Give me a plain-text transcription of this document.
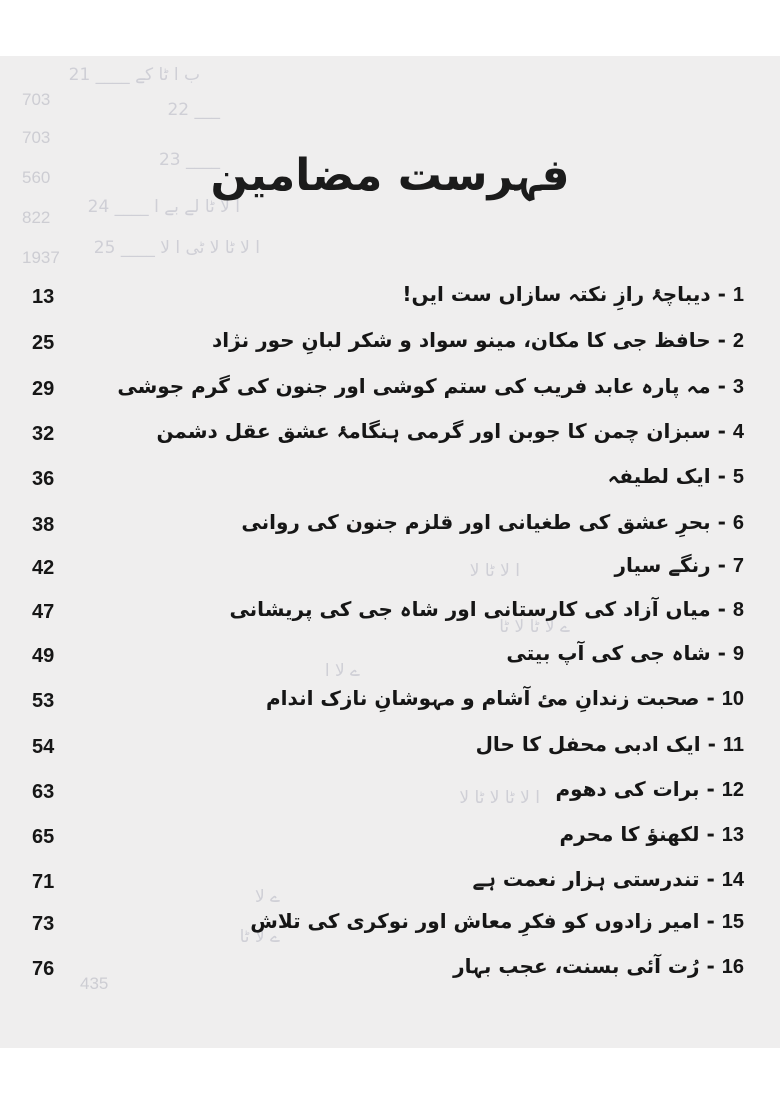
703
703
560
822
1937
ب ا ٹا کے ____ 21
___ 22
____ 23
ا لا ٹا لے بے ا ____ 24
ا لا ٹا لا ٹی ا لا ____ 25
ا لا ٹا لا
ے لا ٹا لا ٹا
ے لا ا
ا لا ٹا لا ٹا لا
ے لا
ے لا ٹا
435
فہرست مضامین
13	1 - دیباچۂ رازِ نکتہ سازاں ست ایں!
25	2 - حافظ جی کا مکان، مینو سواد و شکر لبانِ حور نژاد
29	3 - مہ پارہ عابد فریب کی ستم کوشی اور جنون کی گرم جوشی
32	4 - سبزان چمن کا جوبن اور گرمی ہنگامۂ عشق عقل دشمن
36	5 - ایک لطیفہ
38	6 - بحرِ عشق کی طغیانی اور قلزم جنون کی روانی
42	7 - رنگے سیار
47	8 - میاں آزاد کی کارستانی اور شاہ جی کی پریشانی
49	9 - شاہ جی کی آپ بیتی
53	10 - صحبت زندانِ مئ آشام و مہوشانِ نازک اندام
54	11 - ایک ادبی محفل کا حال
63	12 - برات کی دھوم
65	13 - لکھنؤ کا محرم
71	14 - تندرستی ہزار نعمت ہے
73	15 - امیر زادوں کو فکرِ معاش اور نوکری کی تلاش
76	16 - رُت آئی بسنت، عجب بہار
